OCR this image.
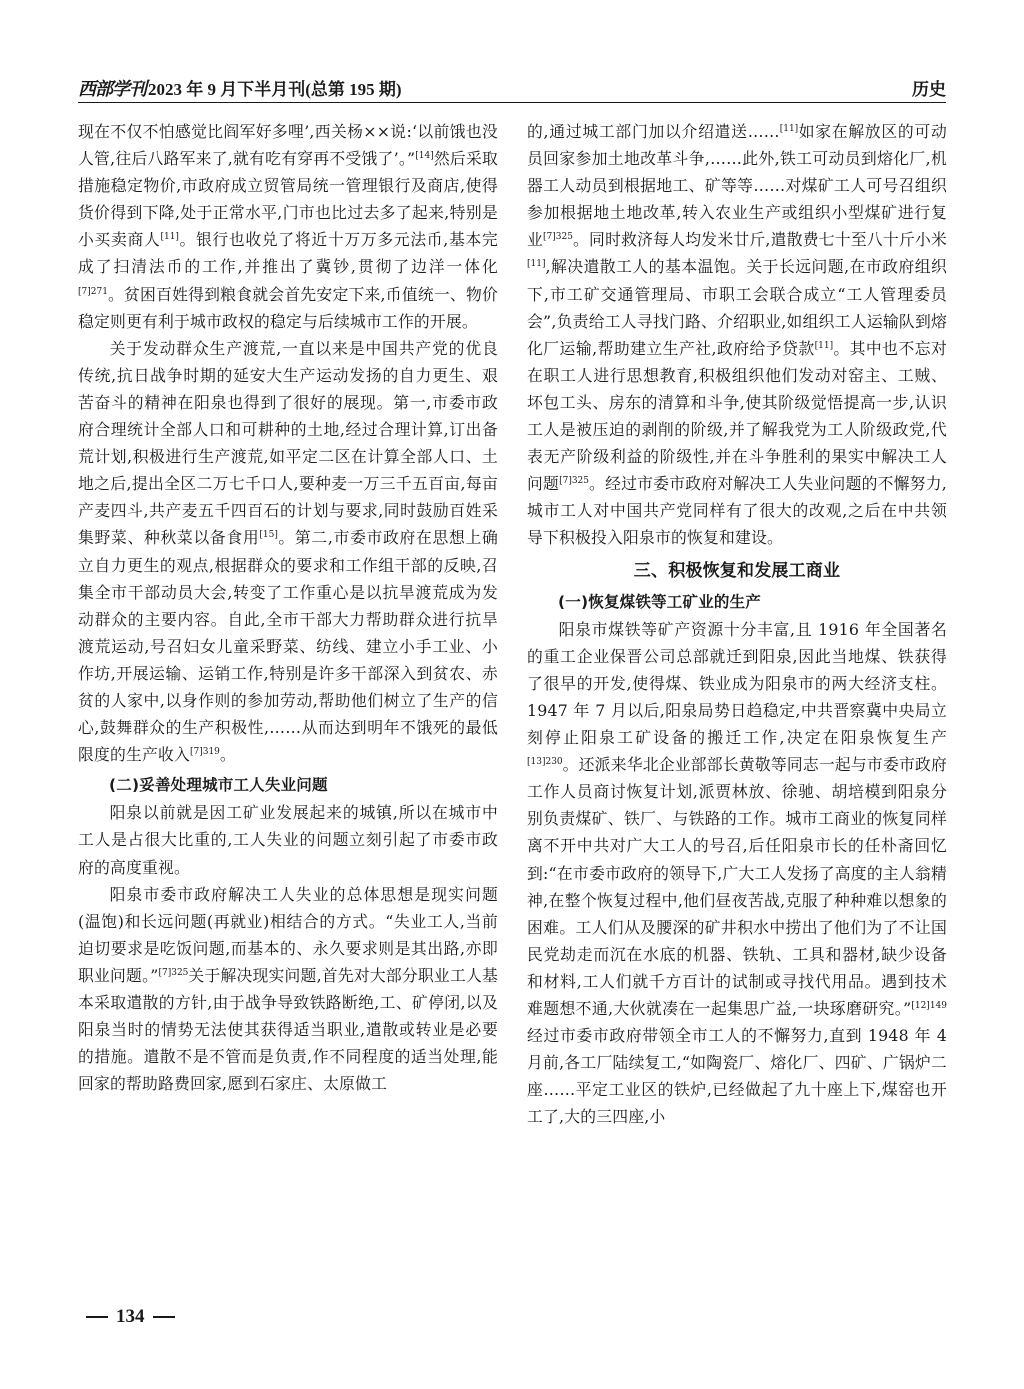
西部学刊 2023 年 9 月下半月刊(总第 195 期)	历史

现在不仅不怕感觉比阎军好多哩’,西关杨××说:‘以前饿也没人管,往后八路军来了,就有吃有穿再不受饿了’。”[14]然后采取措施稳定物价,市政府成立贸管局统一管理银行及商店,使得货价得到下降,处于正常水平,门市也比过去多了起来,特别是小买卖商人[11]。银行也收兑了将近十万万多元法币,基本完成了扫清法币的工作,并推出了冀钞,贯彻了边洋一体化$^{[7]271}$。贫困百姓得到粮食就会首先安定下来,币值统一、物价稳定则更有利于城市政权的稳定与后续城市工作的开展。

关于发动群众生产渡荒,一直以来是中国共产党的优良传统,抗日战争时期的延安大生产运动发扬的自力更生、艰苦奋斗的精神在阳泉也得到了很好的展现。第一,市委市政府合理统计全部人口和可耕种的土地,经过合理计算,订出备荒计划,积极进行生产渡荒,如平定二区在计算全部人口、土地之后,提出全区二万七千口人,要种麦一万三千五百亩,每亩产麦四斗,共产麦五千四百石的计划与要求,同时鼓励百姓采集野菜、种秋菜以备食用[15]。第二,市委市政府在思想上确立自力更生的观点,根据群众的要求和工作组干部的反映,召集全市干部动员大会,转变了工作重心是以抗旱渡荒成为发动群众的主要内容。自此,全市干部大力帮助群众进行抗旱渡荒运动,号召妇女儿童采野菜、纺线、建立小手工业、小作坊,开展运输、运销工作,特别是许多干部深入到贫农、赤贫的人家中,以身作则的参加劳动,帮助他们树立了生产的信心,鼓舞群众的生产积极性,……从而达到明年不饿死的最低限度的生产收入$^{[7]319}$。

(二)妥善处理城市工人失业问题

阳泉以前就是因工矿业发展起来的城镇,所以在城市中工人是占很大比重的,工人失业的问题立刻引起了市委市政府的高度重视。

阳泉市委市政府解决工人失业的总体思想是现实问题(温饱)和长远问题(再就业)相结合的方式。“失业工人,当前迫切要求是吃饭问题,而基本的、永久要求则是其出路,亦即职业问题。”$^{[7]325}$关于解决现实问题,首先对大部分职业工人基本采取遣散的方针,由于战争导致铁路断绝,工、矿停闭,以及阳泉当时的情势无法使其获得适当职业,遣散或转业是必要的措施。遣散不是不管而是负责,作不同程度的适当处理,能回家的帮助路费回家,愿到石家庄、太原做工

的,通过城工部门加以介绍遣送……[11]如家在解放区的可动员回家参加土地改革斗争,……此外,铁工可动员到熔化厂,机器工人动员到根据地工、矿等等……对煤矿工人可号召组织参加根据地土地改革,转入农业生产或组织小型煤矿进行复业$^{[7]325}$。同时救济每人均发米廿斤,遣散费七十至八十斤小米[11],解决遣散工人的基本温饱。关于长远问题,在市政府组织下,市工矿交通管理局、市职工会联合成立“工人管理委员会”,负责给工人寻找门路、介绍职业,如组织工人运输队到熔化厂运输,帮助建立生产社,政府给予贷款[11]。其中也不忘对在职工人进行思想教育,积极组织他们发动对窑主、工贼、坏包工头、房东的清算和斗争,使其阶级觉悟提高一步,认识工人是被压迫的剥削的阶级,并了解我党为工人阶级政党,代表无产阶级利益的阶级性,并在斗争胜利的果实中解决工人问题$^{[7]325}$。经过市委市政府对解决工人失业问题的不懈努力,城市工人对中国共产党同样有了很大的改观,之后在中共领导下积极投入阳泉市的恢复和建设。

三、积极恢复和发展工商业
(一)恢复煤铁等工矿业的生产

阳泉市煤铁等矿产资源十分丰富,且 1916 年全国著名的重工企业保晋公司总部就迁到阳泉,因此当地煤、铁获得了很早的开发,使得煤、铁业成为阳泉市的两大经济支柱。1947 年 7 月以后,阳泉局势日趋稳定,中共晋察冀中央局立刻停止阳泉工矿设备的搬迁工作,决定在阳泉恢复生产$^{[13]230}$。还派来华北企业部部长黄敬等同志一起与市委市政府工作人员商讨恢复计划,派贾林放、徐驰、胡培模到阳泉分别负责煤矿、铁厂、与铁路的工作。城市工商业的恢复同样离不开中共对广大工人的号召,后任阳泉市长的任朴斋回忆到:“在市委市政府的领导下,广大工人发扬了高度的主人翁精神,在整个恢复过程中,他们昼夜苦战,克服了种种难以想象的困难。工人们从及腰深的矿井积水中捞出了他们为了不让国民党劫走而沉在水底的机器、铁轨、工具和器材,缺少设备和材料,工人们就千方百计的试制或寻找代用品。遇到技术难题想不通,大伙就凑在一起集思广益,一块琢磨研究。”$^{[12]149}$经过市委市政府带领全市工人的不懈努力,直到 1948 年 4 月前,各工厂陆续复工,“如陶瓷厂、熔化厂、四矿、广锅炉二座……平定工业区的铁炉,已经做起了九十座上下,煤窑也开工了,大的三四座,小

134
